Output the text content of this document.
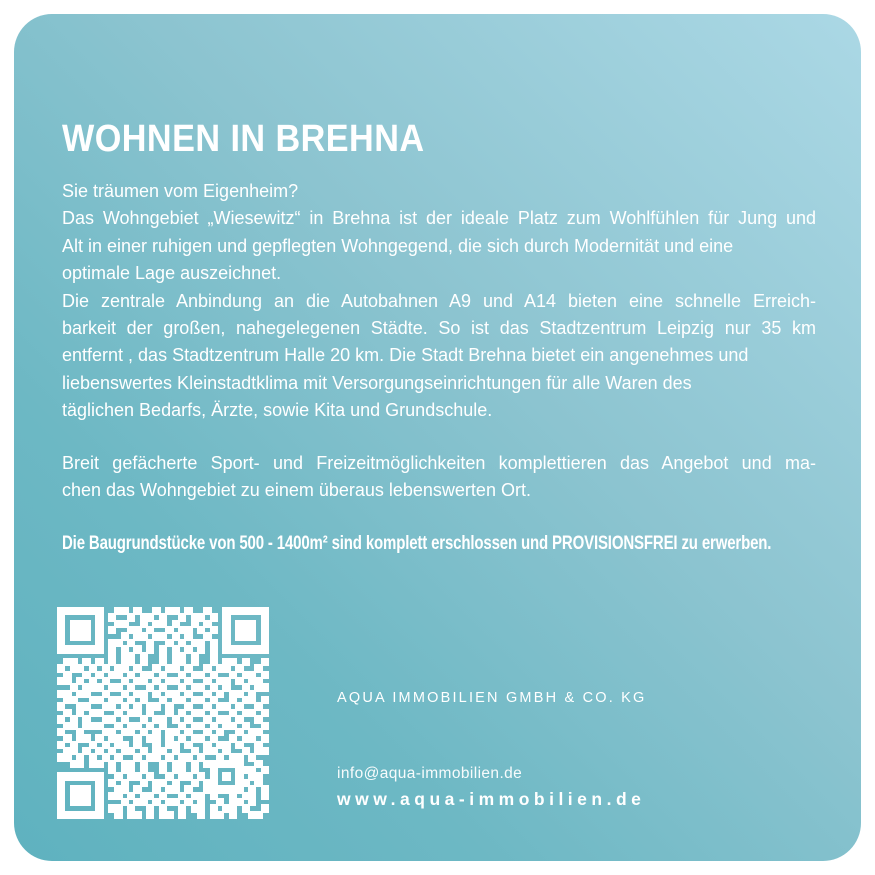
WOHNEN IN BREHNA
Sie träumen vom Eigenheim?
Das Wohngebiet „Wiesewitz“ in Brehna ist der ideale Platz zum Wohlfühlen für Jung und
Alt in einer ruhigen und gepflegten Wohngegend, die sich durch Modernität und eine
optimale Lage auszeichnet.
Die zentrale Anbindung an die Autobahnen A9 und A14 bieten eine schnelle Erreich-
barkeit der großen, nahegelegenen Städte. So ist das Stadtzentrum Leipzig nur 35 km
entfernt , das Stadtzentrum Halle 20 km. Die Stadt Brehna bietet ein angenehmes und
liebenswertes Kleinstadtklima mit Versorgungseinrichtungen für alle Waren des
täglichen Bedarfs, Ärzte, sowie Kita und Grundschule.
Breit gefächerte Sport- und Freizeitmöglichkeiten komplettieren das Angebot und ma-
chen das Wohngebiet zu einem überaus lebenswerten Ort.
Die Baugrundstücke von 500 - 1400m² sind komplett erschlossen und PROVISIONSFREI zu erwerben.
AQUA IMMOBILIEN GMBH & CO. KG
info@aqua-immobilien.de
www.aqua-immobilien.de
